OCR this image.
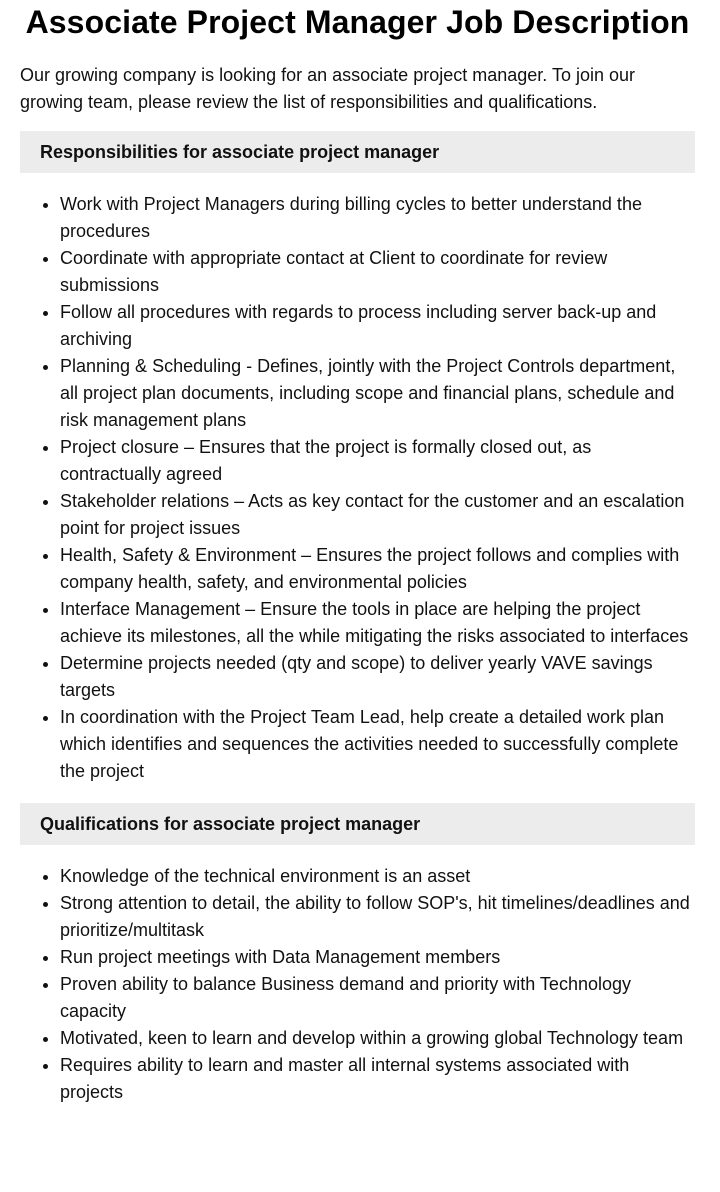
Associate Project Manager Job Description

Our growing company is looking for an associate project manager. To join our growing team, please review the list of responsibilities and qualifications.

Responsibilities for associate project manager
• Work with Project Managers during billing cycles to better understand the procedures
• Coordinate with appropriate contact at Client to coordinate for review submissions
• Follow all procedures with regards to process including server back-up and archiving
• Planning & Scheduling - Defines, jointly with the Project Controls department, all project plan documents, including scope and financial plans, schedule and risk management plans
• Project closure – Ensures that the project is formally closed out, as contractually agreed
• Stakeholder relations – Acts as key contact for the customer and an escalation point for project issues
• Health, Safety & Environment – Ensures the project follows and complies with company health, safety, and environmental policies
• Interface Management – Ensure the tools in place are helping the project achieve its milestones, all the while mitigating the risks associated to interfaces
• Determine projects needed (qty and scope) to deliver yearly VAVE savings targets
• In coordination with the Project Team Lead, help create a detailed work plan which identifies and sequences the activities needed to successfully complete the project
Qualifications for associate project manager
• Knowledge of the technical environment is an asset
• Strong attention to detail, the ability to follow SOP's, hit timelines/deadlines and prioritize/multitask
• Run project meetings with Data Management members
• Proven ability to balance Business demand and priority with Technology capacity
• Motivated, keen to learn and develop within a growing global Technology team
• Requires ability to learn and master all internal systems associated with projects
